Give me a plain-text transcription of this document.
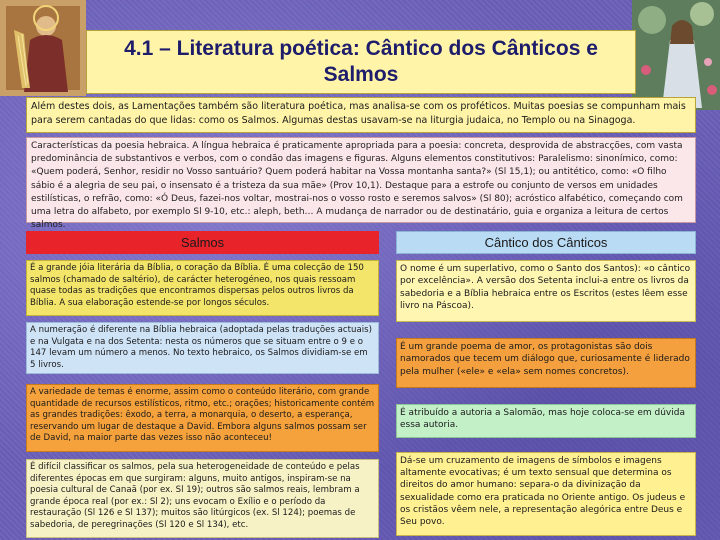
4.1 – Literatura poética: Cântico dos Cânticos e Salmos
Além destes dois, as Lamentações também são literatura poética, mas analisa-se com os proféticos. Muitas poesias se compunham mais para serem cantadas do que lidas: como os Salmos. Algumas destas usavam-se na liturgia judaica, no Templo ou na Sinagoga.
Características da poesia hebraica. A língua hebraica é praticamente apropriada para a poesia: concreta, desprovida de abstracções, com vasta predominância de substantivos e verbos, com o condão das imagens e figuras. Alguns elementos constitutivos: Paralelismo: sinonímico, como: «Quem poderá, Senhor, residir no Vosso santuário? Quem poderá habitar na Vossa montanha santa?» (Sl 15,1); ou antitético, como: «O filho sábio é a alegria de seu pai, o insensato é a tristeza da sua mãe» (Prov 10,1). Destaque para a estrofe ou conjunto de versos em unidades estilísticas, o refrão, como: «Ó Deus, fazei-nos voltar, mostrai-nos o vosso rosto e seremos salvos» (Sl 80); acróstico alfabético, começando com uma letra do alfabeto, por exemplo Sl 9-10, etc.: aleph, beth… A mudança de narrador ou de destinatário, guia e organiza a leitura de certos salmos.
Salmos	Cântico dos Cânticos
É a grande jóia literária da Bíblia, o coração da Bíblia. É uma colecção de 150 salmos (chamado de saltério), de carácter heterogéneo, nos quais ressoam quase todas as tradições que encontramos dispersas pelos outros livros da Bíblia. A sua elaboração estende-se por longos séculos.
A numeração é diferente na Bíblia hebraica (adoptada pelas traduções actuais) e na Vulgata e na dos Setenta: nesta os números que se situam entre o 9 e o 147 levam um número a menos. No texto hebraico, os Salmos dividiam-se em 5 livros.
A variedade de temas é enorme, assim como o conteúdo literário, com grande quantidade de recursos estilísticos, ritmo, etc.; orações; historicamente contém as grandes tradições: êxodo, a terra, a monarquia, o deserto, a esperança, reservando um lugar de destaque a David. Embora alguns salmos possam ser de David, na maior parte das vezes isso não aconteceu!
É difícil classificar os salmos, pela sua heterogeneidade de conteúdo e pelas diferentes épocas em que surgiram: alguns, muito antigos, inspiram-se na poesia cultural de Canaã (por ex. Sl 19); outros são salmos reais, lembram a grande época real (por ex.: Sl 2); uns evocam o Exílio e o período da restauração (Sl 126 e Sl 137); muitos são litúrgicos (ex. Sl 124); poemas de sabedoria, de peregrinações (Sl 120 e Sl 134), etc.
O nome é um superlativo, como o Santo dos Santos): «o cântico por excelência». A versão dos Setenta inclui-a entre os livros da sabedoria e a Bíblia hebraica entre os Escritos (estes lêem esse livro na Páscoa).
É um grande poema de amor, os protagonistas são dois namorados que tecem um diálogo que, curiosamente é liderado pela mulher («ele» e «ela» sem nomes concretos).
É atribuído a autoria a Salomão, mas hoje coloca-se em dúvida essa autoria.
Dá-se um cruzamento de imagens de símbolos e imagens altamente evocativas; é um texto sensual que determina os direitos do amor humano: separa-o da divinização da sexualidade como era praticada no Oriente antigo. Os judeus e os cristãos vêem nele, a representação alegórica entre Deus e Seu povo.
